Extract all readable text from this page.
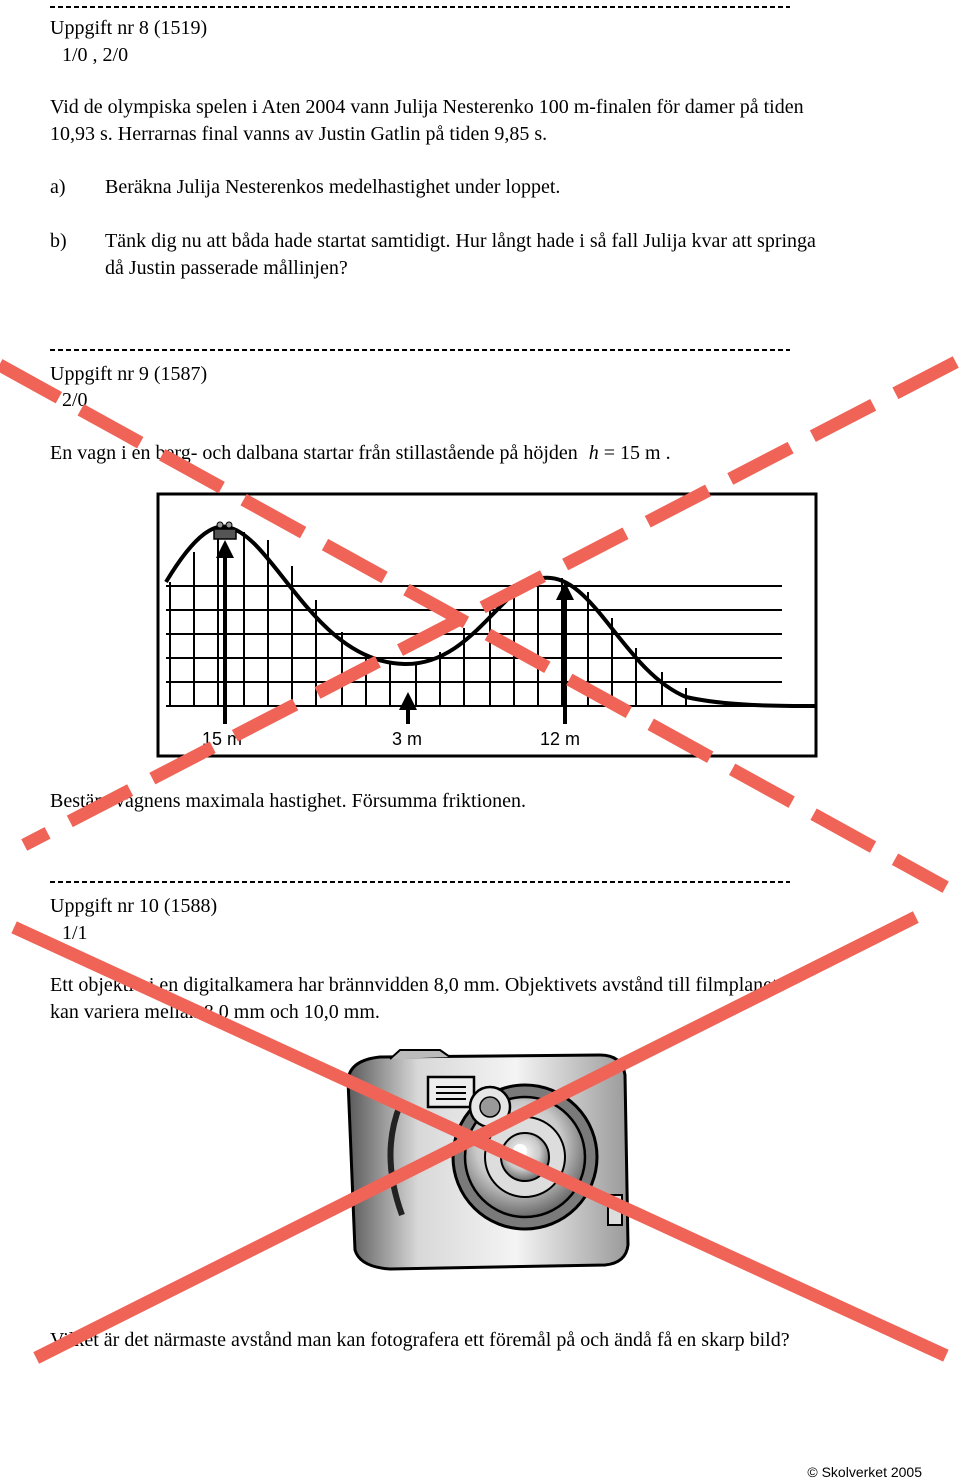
Uppgift nr 8 (1519)
1/0 , 2/0
Vid de olympiska spelen i Aten 2004 vann Julija Nesterenko 100 m-finalen för damer på tiden
10,93 s. Herrarnas final vanns av Justin Gatlin på tiden 9,85 s.
a) Beräkna Julija Nesterenkos medelhastighet under loppet.
b) Tänk dig nu att båda hade startat samtidigt. Hur långt hade i så fall Julija kvar att springa
då Justin passerade mållinjen?
Uppgift nr 9 (1587)
2/0
En vagn i en berg- och dalbana startar från stillastående på höjden h = 15 m .
15 m	3 m	12 m
Bestäm vagnens maximala hastighet. Försumma friktionen.
Uppgift nr 10 (1588)
1/1
Ett objektiv i en digitalkamera har brännvidden 8,0 mm. Objektivets avstånd till filmplanet
kan variera mellan 8,0 mm och 10,0 mm.
Vilket är det närmaste avstånd man kan fotografera ett föremål på och ändå få en skarp bild?
© Skolverket 2005
